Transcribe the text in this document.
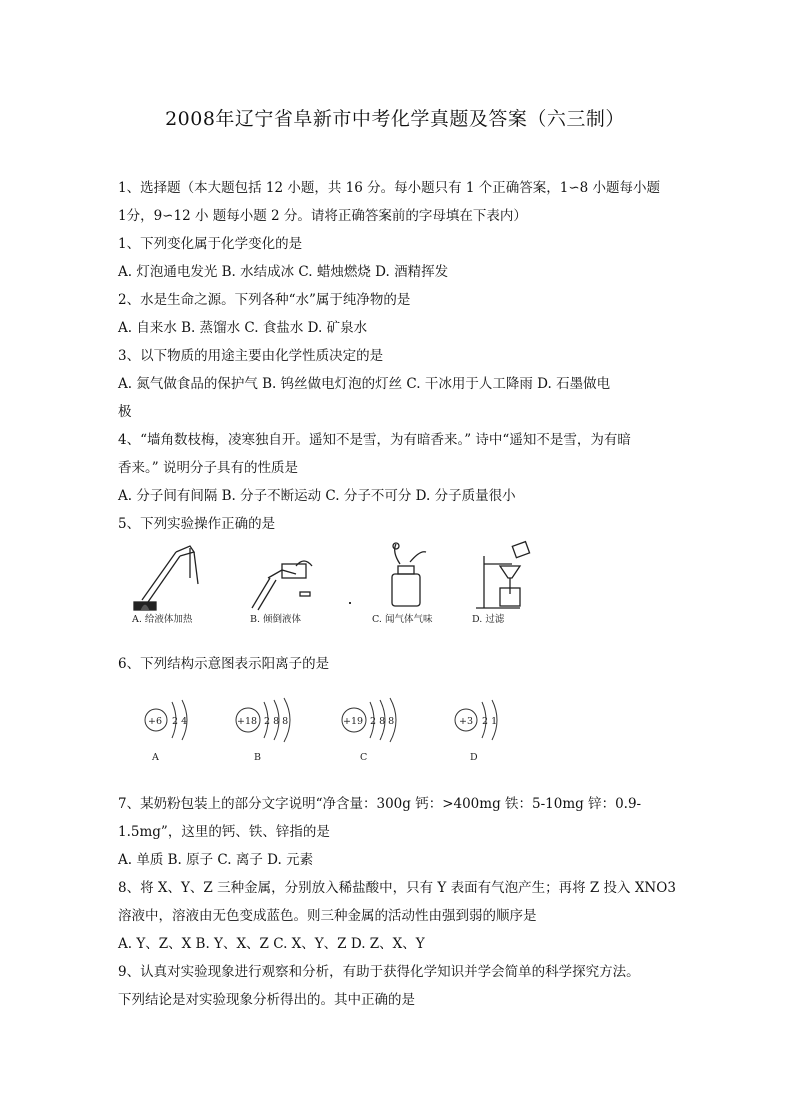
2008年辽宁省阜新市中考化学真题及答案（六三制）
1、选择题（本大题包括 12 小题，共 16 分。每小题只有 1 个正确答案，1∽8 小题每小题
1分，9∽12 小 题每小题 2 分。请将正确答案前的字母填在下表内）
1、下列变化属于化学变化的是
A. 灯泡通电发光 B. 水结成冰 C. 蜡烛燃烧 D. 酒精挥发
2、水是生命之源。下列各种“水”属于纯净物的是
A. 自来水 B. 蒸馏水 C. 食盐水 D. 矿泉水
3、以下物质的用途主要由化学性质决定的是
A. 氮气做食品的保护气 B. 钨丝做电灯泡的灯丝 C. 干冰用于人工降雨 D. 石墨做电
极
4、“墙角数枝梅，凌寒独自开。遥知不是雪，为有暗香来。” 诗中“遥知不是雪，为有暗
香来。” 说明分子具有的性质是
A. 分子间有间隔 B. 分子不断运动 C. 分子不可分 D. 分子质量很小
5、下列实验操作正确的是
A. 给液体加热	B. 倾倒液体	C. 闻气体气味	D. 过滤
6、下列结构示意图表示阳离子的是
+6 2 4
A
+18 2 8 8
B
+19 2 8 8
C
+3 2 1
D
7、某奶粉包装上的部分文字说明“净含量：300g 钙：>400mg 铁：5-10mg 锌：0.9-
1.5mg”，这里的钙、铁、锌指的是
A. 单质 B. 原子 C. 离子 D. 元素
8、将 X、Y、Z 三种金属，分别放入稀盐酸中，只有 Y 表面有气泡产生；再将 Z 投入 XNO3
溶液中，溶液由无色变成蓝色。则三种金属的活动性由强到弱的顺序是
A. Y、Z、X B. Y、X、Z C. X、Y、Z D. Z、X、Y
9、认真对实验现象进行观察和分析，有助于获得化学知识并学会简单的科学探究方法。
下列结论是对实验现象分析得出的。其中正确的是
